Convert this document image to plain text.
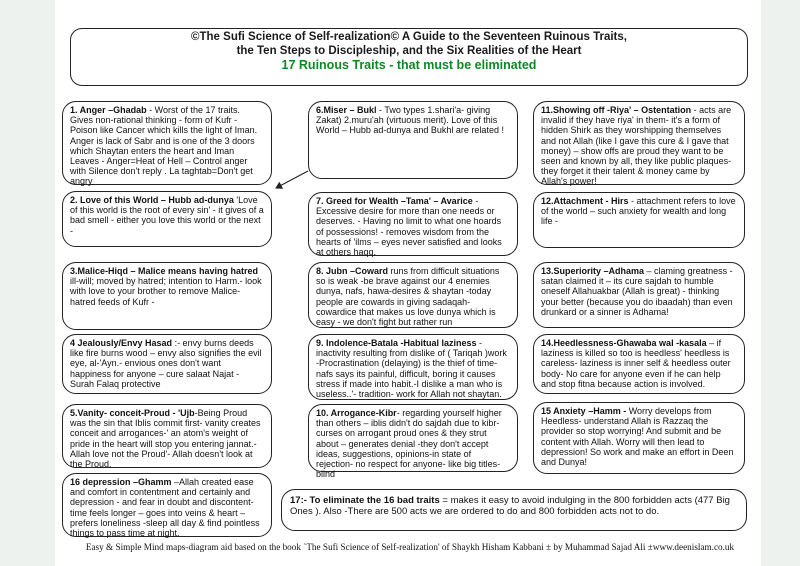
©The Sufi Science of Self-realization© A Guide to the Seventeen Ruinous Traits,
the Ten Steps to Discipleship, and the Six Realities of the Heart
17 Ruinous Traits - that must be eliminated
1. Anger –Ghadab - Worst of the 17 traits. Gives non-rational thinking - form of Kufr - Poison like Cancer which kills the light of Iman. Anger is lack of Sabr and is one of the 3 doors which Shaytan enters the heart and Iman Leaves - Anger=Heat of Hell – Control anger with Silence don't reply . La taghtab=Don't get angry
2. Love of this World – Hubb ad-dunya 'Love of this world is the root of every sin' - it gives of a bad smell - either you love this world or the next -
3.Malice-Hiqd – Malice means having hatred ill-will; moved by hatred; intention to Harm.- look with love to your brother to remove Malice- hatred feeds of Kufr -
4 Jealously/Envy Hasad :- envy burns deeds like fire burns wood – envy also signifies the evil eye, al-'Ayn.- envious ones don't want happiness for anyone – cure salaat Najat - Surah Falaq protective
5.Vanity- conceit-Proud - 'Ujb-Being Proud was the sin that Iblis commit first- vanity creates conceit and arrogances-' an atom's weight of pride in the heart will stop you entering jannat.- Allah love not the Proud'- Allah doesn't look at the Proud.
16 depression –Ghamm –Allah created ease and comfort in contentment and certainly and depression - and fear in doubt and discontent- time feels longer – goes into veins & heart – prefers loneliness -sleep all day & find pointless things to pass time at night.
6.Miser – Bukl - Two types 1.shari'a- giving Zakat) 2.muru'ah (virtuous merit). Love of this World – Hubb ad-dunya and Bukhl are related !
7. Greed for Wealth –Tama' – Avarice - Excessive desire for more than one needs or deserves. - Having no limit to what one hoards of possessions! - removes wisdom from the hearts of 'ilms – eyes never satisfied and looks at others haqq.
8. Jubn –Coward runs from difficult situations so is weak -be brave against our 4 enemies dunya, nafs, hawa-desires & shaytan -today people are cowards in giving sadaqah-cowardice that makes us love dunya which is easy - we don't fight but rather run
9. Indolence-Batala -Habitual laziness - inactivity resulting from dislike of ( Tariqah )work -Procrastination (delaying) is the thief of time- nafs says its painful, difficult, boring it causes stress if made into habit.-I dislike a man who is useless..'- tradition- work for Allah not shaytan.
10. Arrogance-Kibr- regarding yourself higher than others – iblis didn't do sajdah due to kibr- curses on arrogant proud ones & they strut about – generates denial -they don't accept ideas, suggestions, opinions-in state of rejection- no respect for anyone- like big titles-blind
11.Showing off -Riya' – Ostentation - acts are invalid if they have riya' in them- it's a form of hidden Shirk as they worshipping themselves and not Allah (like I gave this cure & I gave that money) – show offs are proud they want to be seen and known by all, they like public plaques- they forget it their talent & money came by Allah's power!
12.Attachment - Hirs - attachment refers to love of the world – such anxiety for wealth and long life -
13.Superiority –Adhama – claming greatness - satan claimed it – its cure sajdah to humble oneself Allahuakbar (Allah is great) - thinking your better (because you do ibaadah) than even drunkard or a sinner is Adhama!
14.Heedlessness-Ghawaba wal -kasala – if laziness is killed so too is heedless' heedless is careless- laziness is inner self & heedless outer body- No care for anyone even if he can help and stop fitna because action is involved.
15 Anxiety –Hamm - Worry develops from Heedless- understand Allah is Razzaq the provider so stop worrying! And submit and be content with Allah. Worry will then lead to depression! So work and make an effort in Deen and Dunya!
17:- To eliminate the 16 bad traits = makes it easy to avoid indulging in the 800 forbidden acts (477 Big Ones ). Also -There are 500 acts we are ordered to do and 800 forbidden acts not to do.
Easy & Simple Mind maps-diagram aid based on the book `The Sufi Science of Self-realization' of Shaykh Hisham Kabbani ± by Muhammad Sajad Ali ±www.deenislam.co.uk
